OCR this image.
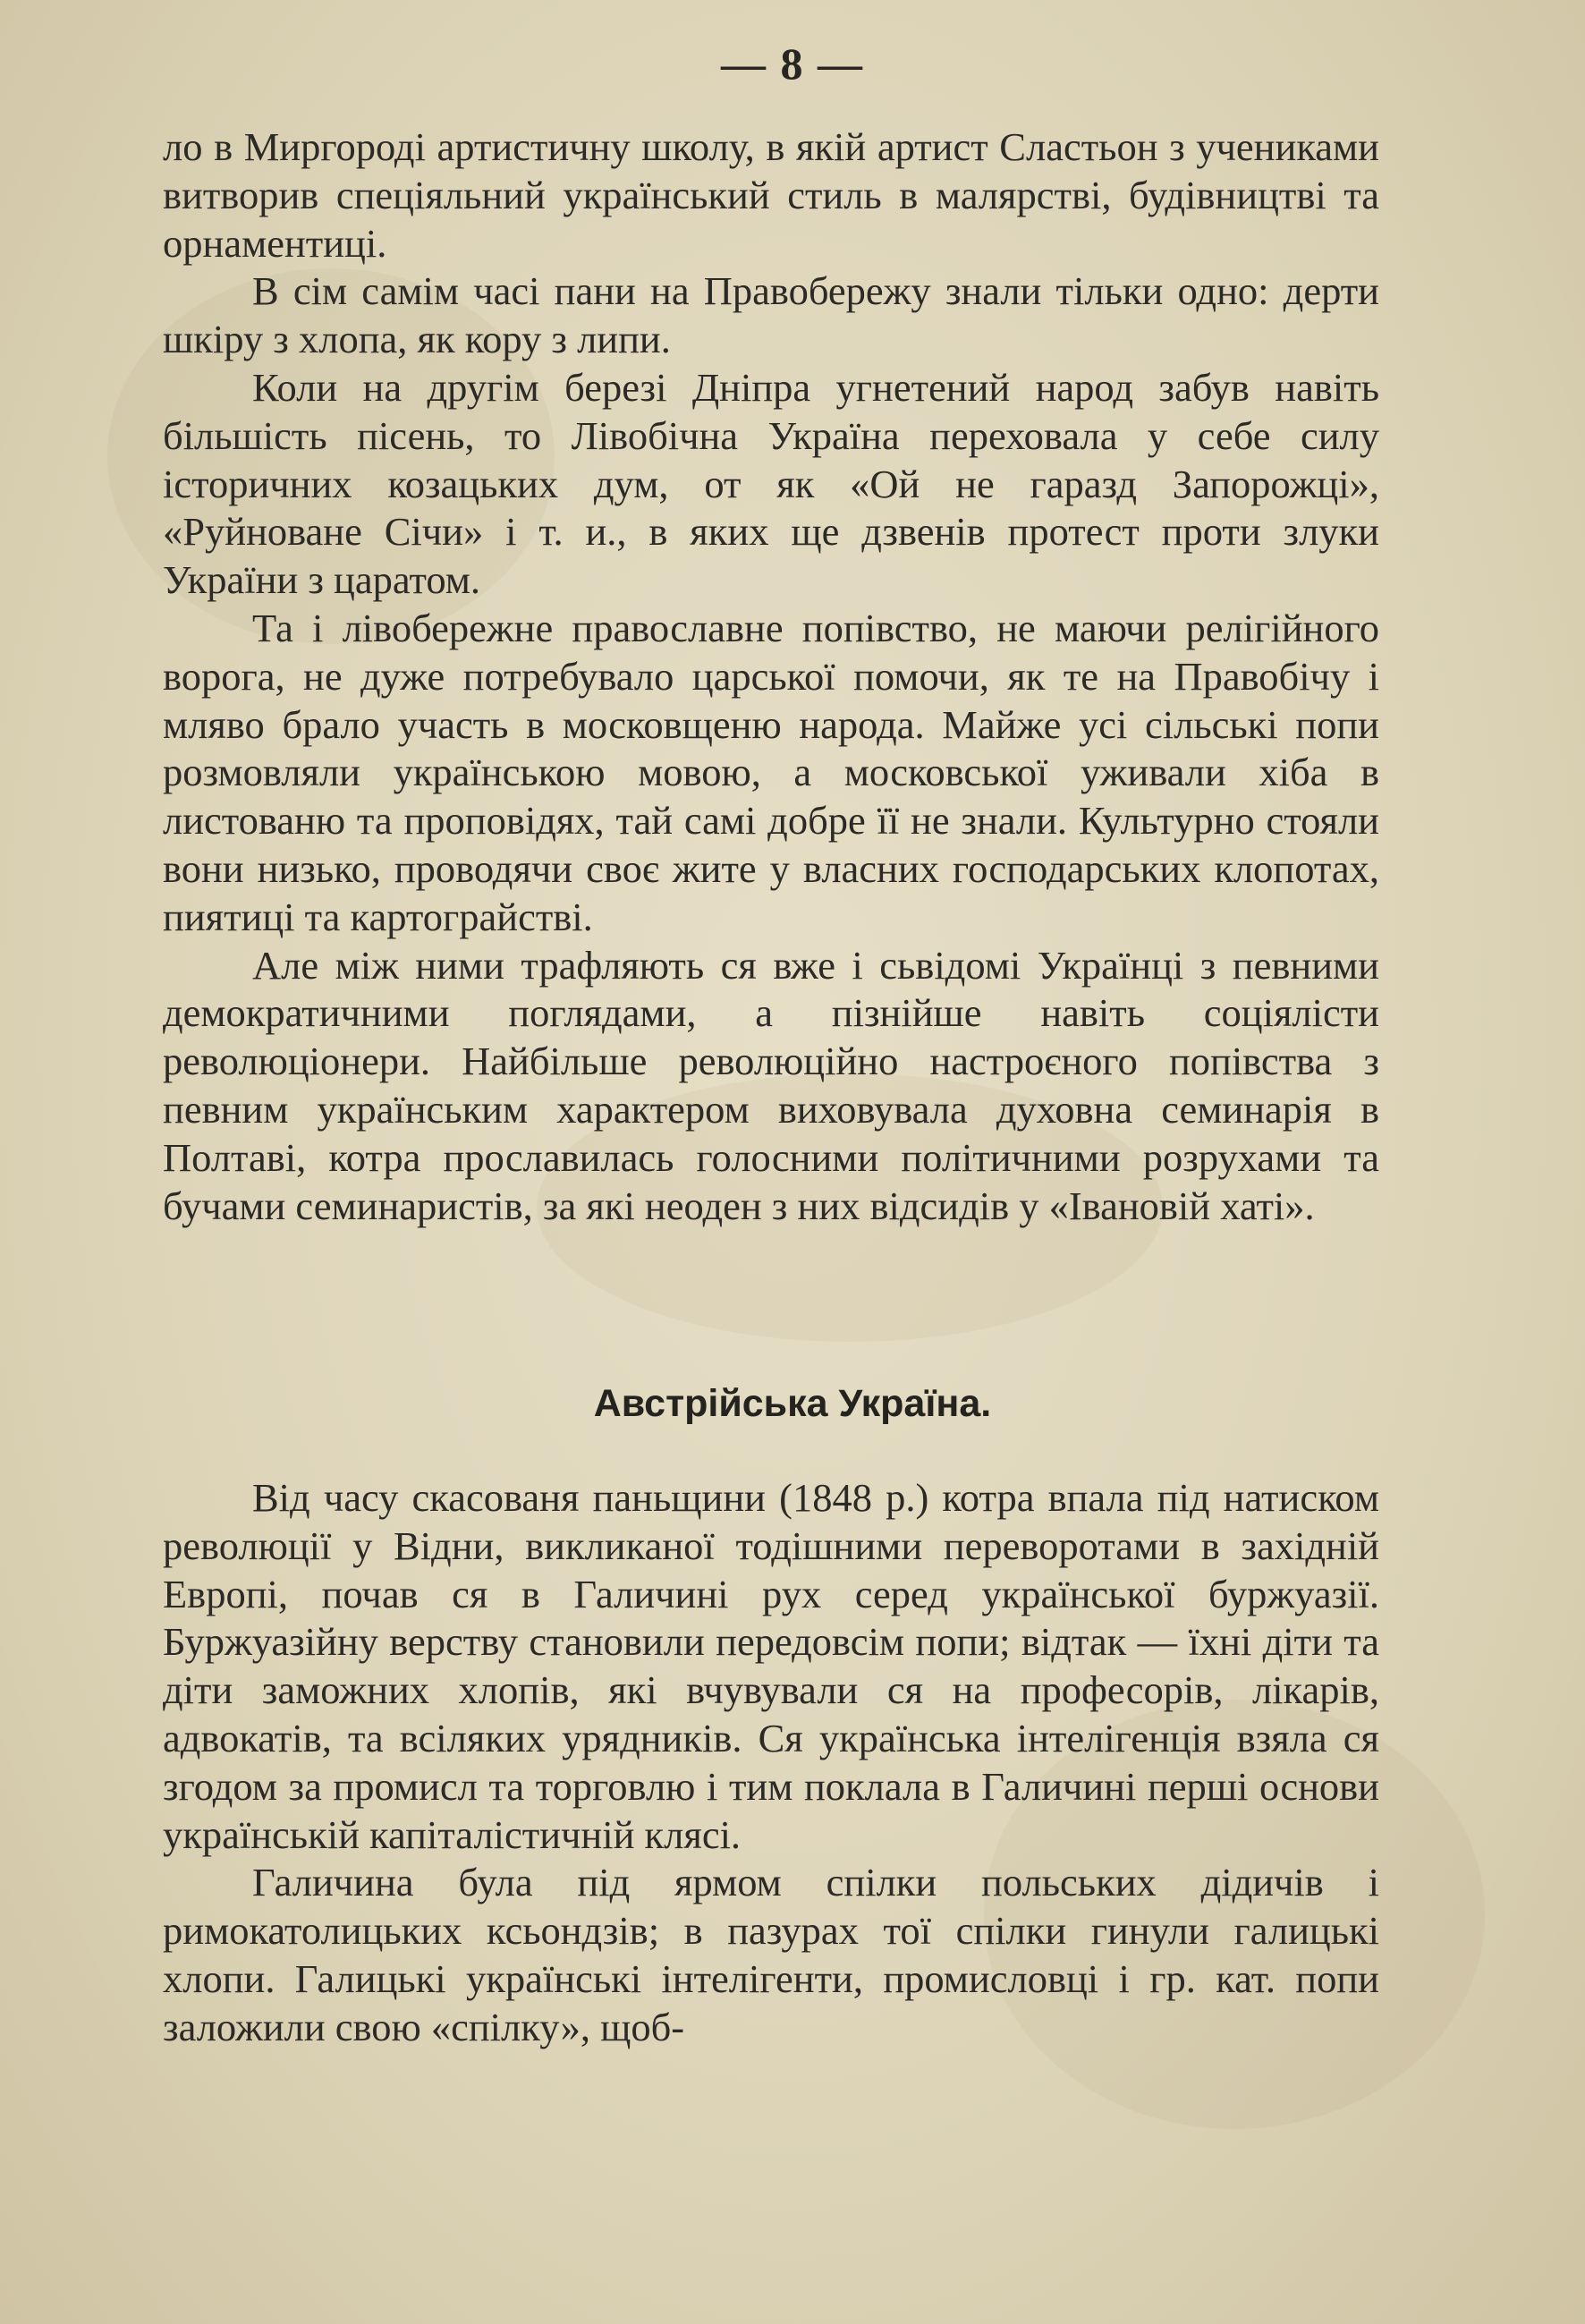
— 8 —

ло в Миргороді артистичну школу, в якій артист Сластьон з учениками витворив спеціяльний український стиль в малярстві, будівництві та орнаментиці.

В сім самім часі пани на Правобережу знали тільки одно: дерти шкіру з хлопа, як кору з липи.

Коли на другім березі Дніпра угнетений народ забув навіть більшість пісень, то Лівобічна Україна переховала у себе силу історичних козацьких дум, от як «Ой не гаразд Запорожці», «Руйноване Січи» і т. и., в яких ще дзвенів протест проти злуки України з царатом.

Та і лівобережне православне попівство, не маючи релігійного ворога, не дуже потребувало царської помочи, як те на Правобічу і мляво брало участь в московщеню народа. Майже усі сільські попи розмовляли українською мовою, а московської уживали хіба в листованю та проповідях, тай самі добре її не знали. Культурно стояли вони низько, проводячи своє жите у власних господарських клопотах, пиятиці та картограйстві.

Але між ними трафляють ся вже і сьвідомі Українці з певними демократичними поглядами, а пізнійше навіть соціялісти революціонери. Найбільше революційно настроєного попівства з певним українським характером виховувала духовна семинарія в Полтаві, котра прославилась голосними політичними розрухами та бучами семинаристів, за які неоден з них відсидів у «Івановій хаті».

Австрійська Україна.

Від часу скасованя паньщини (1848 р.) котра впала під натиском революції у Відни, викликаної тодішними переворотами в західній Европі, почав ся в Галичині рух серед української буржуазії. Буржуазійну верству становили передовсім попи; відтак — їхні діти та діти заможних хлопів, які вчувували ся на професорів, лікарів, адвокатів, та всіляких урядників. Ся українська інтелігенція взяла ся згодом за промисл та торговлю і тим поклала в Галичині перші основи українській капіталістичній клясі.

Галичина була під ярмом спілки польських дідичів і римокатолицьких ксьондзів; в пазурах тої спілки гинули галицькі хлопи. Галицькі українські інтелігенти, промисловці і гр. кат. попи заложили свою «спілку», щоб-
